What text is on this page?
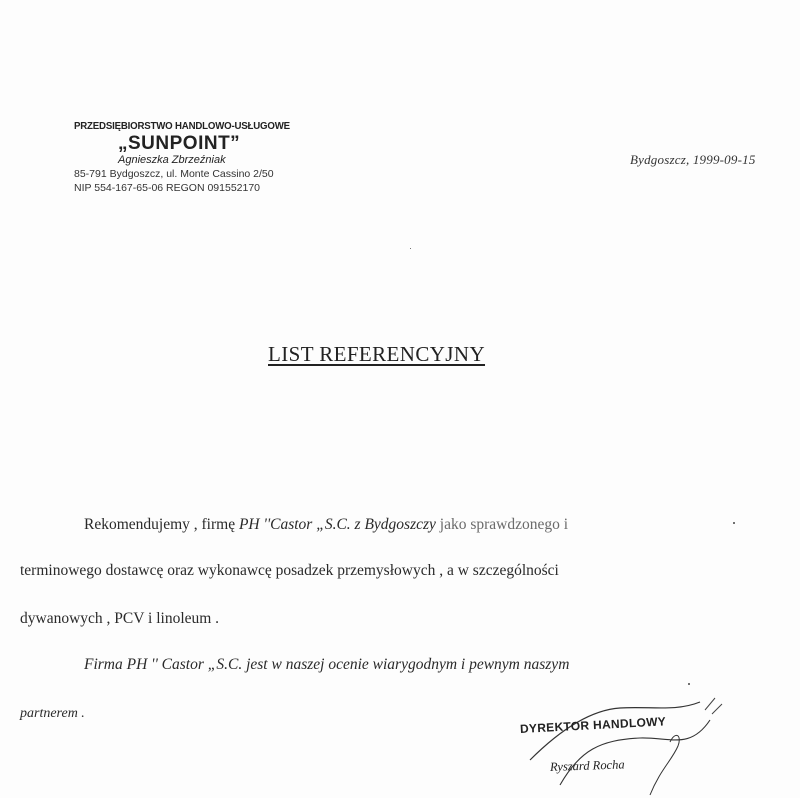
PRZEDSIĘBIORSTWO HANDLOWO-USŁUGOWE
„SUNPOINT”
Agnieszka Zbrzeźniak
85-791 Bydgoszcz, ul. Monte Cassino 2/50
NIP 554-167-65-06 REGON 091552170
Bydgoszcz, 1999-09-15
LIST REFERENCYJNY
Rekomendujemy , firmę PH ''Castor „S.C. z Bydgoszczy jako sprawdzonego i
terminowego dostawcę oraz wykonawcę posadzek przemysłowych , a w szczególności
dywanowych , PCV i linoleum .
Firma PH '' Castor „S.C. jest w naszej ocenie wiarygodnym i pewnym naszym
partnerem .
DYREKTOR HANDLOWY
Ryszard Rocha
